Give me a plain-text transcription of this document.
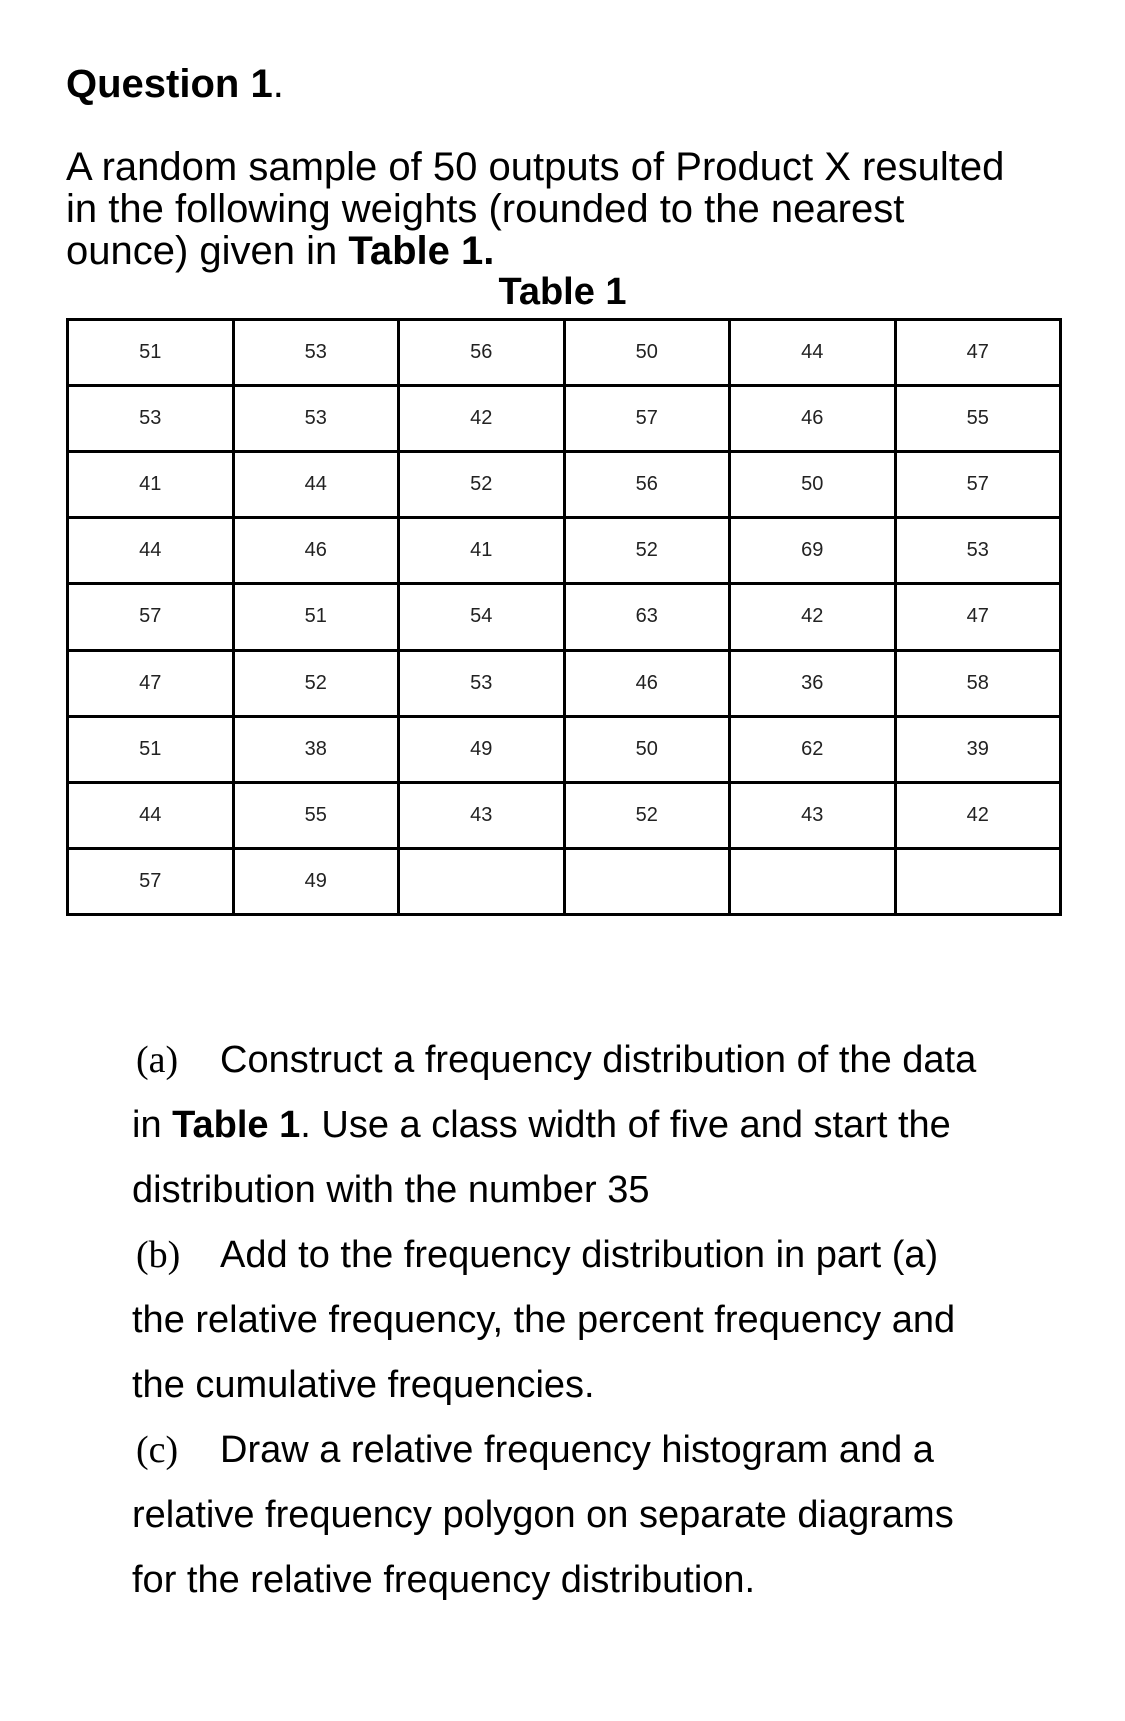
Question 1.
A random sample of 50 outputs of Product X resulted
in the following weights (rounded to the nearest
ounce) given in Table 1.
Table 1
51	53	56	50	44	47
53	53	42	57	46	55
41	44	52	56	50	57
44	46	41	52	69	53
57	51	54	63	42	47
47	52	53	46	36	58
51	38	49	50	62	39
44	55	43	52	43	42
57	49				
(a) Construct a frequency distribution of the data
in Table 1. Use a class width of five and start the
distribution with the number 35
(b) Add to the frequency distribution in part (a)
the relative frequency, the percent frequency and
the cumulative frequencies.
(c) Draw a relative frequency histogram and a
relative frequency polygon on separate diagrams
for the relative frequency distribution.
